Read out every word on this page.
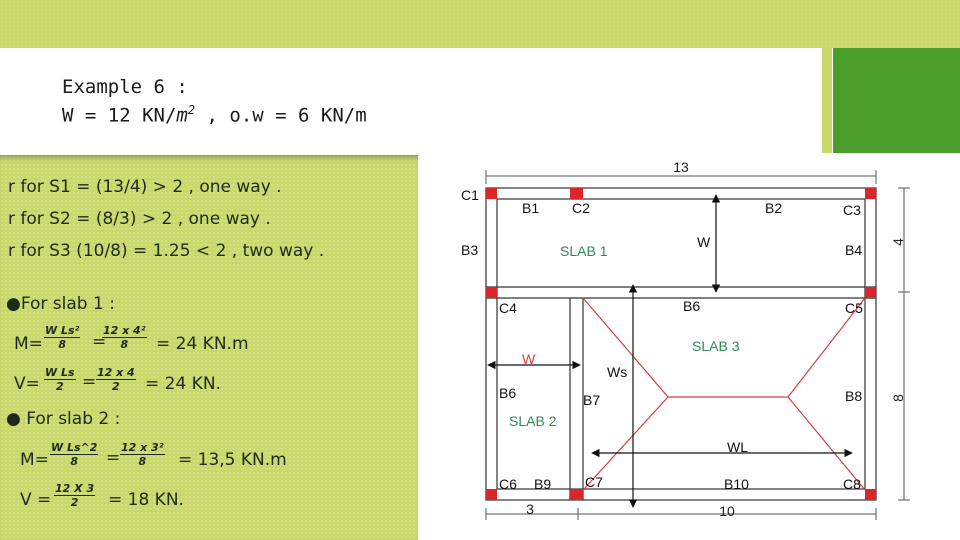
Example 6 :
W = 12 $KN/m^2$ , o.w = 6 KN/m
r for S1 = (13/4) > 2 , one way .
r for S2 = (8/3) > 2 , one way .
r for S3 (10/8) = 1.25 < 2 , two way .
●For slab 1 :
$M= \frac{\text{W Ls²}}{8}$ =
$\frac{\text{12 x 4²}}{8} = 24$ KN.m
$V= \frac{\text{W Ls}}{2} = \frac{12 x 4}{2} = 24$ KN.
● For slab 2 :
$M= \frac{\text{W Ls\textasciicircum{}2}}{8} = \frac{\text{12 x 3²}}{8} = 13,5$ KN.m
$V = \frac{12 X 3}{2} = 18$ KN.
13
3	10
4
8
C1
C2	C3
C4	C5
C6	C7	C8
B1	B2
B3	B4
B6
B6	B7	B8
B9	B10
SLAB 1
SLAB 2
SLAB 3
W
W
Ws
WL
